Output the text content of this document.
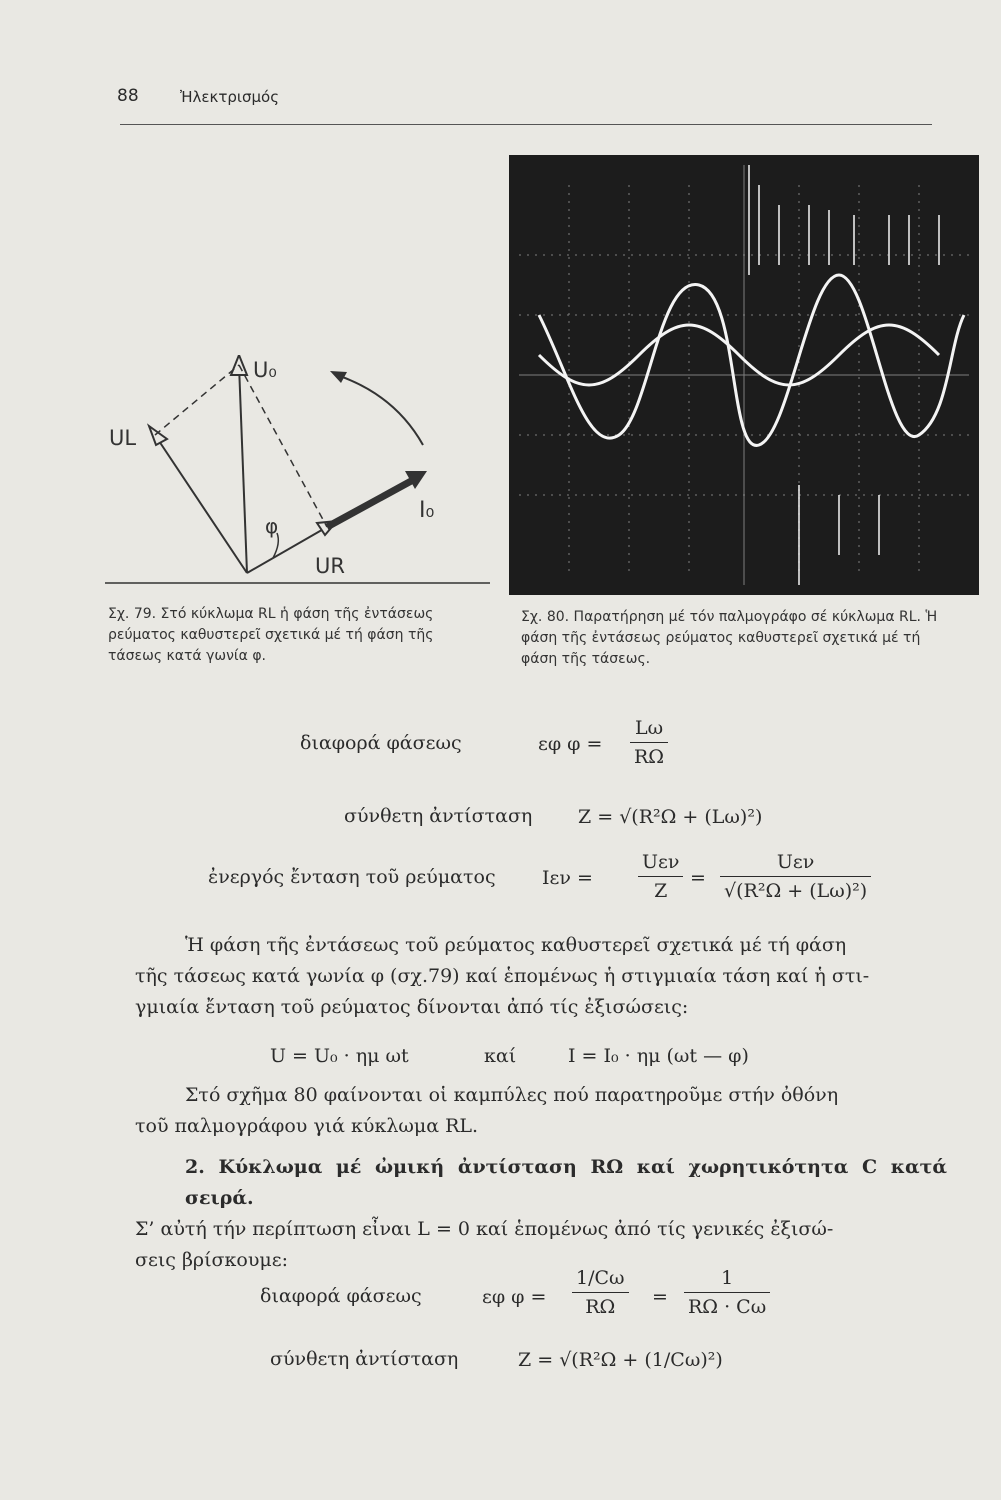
88	Ἠλεκτρισμός
U₀
UL
UR
φ
I₀
Σχ. 79. Στό κύκλωμα RL ἡ φάση τῆς ἐντάσεως ρεύματος καθυστερεῖ σχετικά μέ τή φάση τῆς τάσεως κατά γωνία φ.
Σχ. 80. Παρατήρηση μέ τόν παλμογράφο σέ κύκλωμα RL. Ἡ φάση τῆς ἐντάσεως ρεύματος καθυστερεῖ σχετικά μέ τή φάση τῆς τάσεως.
διαφορά φάσεως	εφ φ =
Lω
RΩ
σύνθετη ἀντίσταση Z = √(R²Ω + (Lω)²)
ἐνεργός ἔνταση τοῦ ρεύματος Iεν =
Uεν
Z
=
Uεν
√(R²Ω + (Lω)²)
Ἡ φάση τῆς ἐντάσεως τοῦ ρεύματος καθυστερεῖ σχετικά μέ τή φάση
τῆς τάσεως κατά γωνία φ (σχ.79) καί ἑπομένως ἡ στιγμιαία τάση καί ἡ στι-
γμιαία ἔνταση τοῦ ρεύματος δίνονται ἀπό τίς ἐξισώσεις:
U = U₀ · ημ ωt	καί	I = I₀ · ημ (ωt — φ)
Στό σχῆμα 80 φαίνονται οἱ καμπύλες πού παρατηροῦμε στήν ὀθόνη
τοῦ παλμογράφου γιά κύκλωμα RL.
2. Κύκλωμα μέ ὠμική ἀντίσταση RΩ καί χωρητικότητα C κατά σειρά.
Σ’ αὐτή τήν περίπτωση εἶναι L = 0 καί ἑπομένως ἀπό τίς γενικές ἐξισώ-
σεις βρίσκουμε:
διαφορά φάσεως	εφ φ =
1/Cω
RΩ	=
1
RΩ · Cω
σύνθετη ἀντίσταση	Z = √(R²Ω + (1/Cω)²)
